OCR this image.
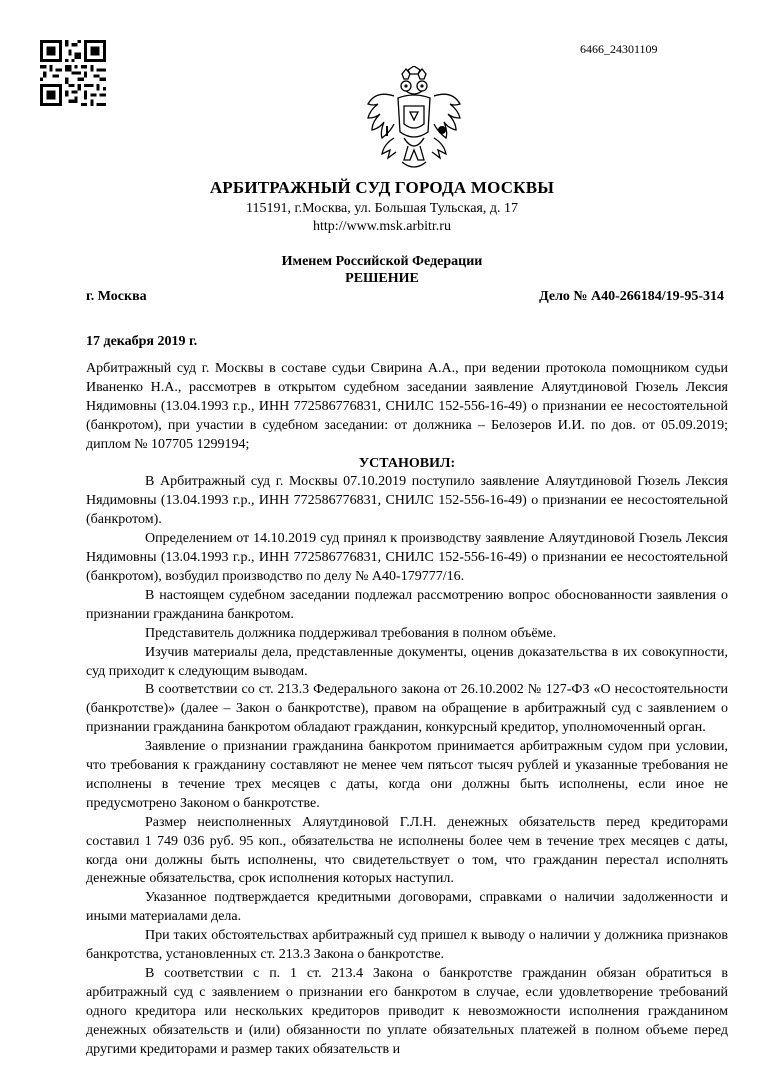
6466_24301109
АРБИТРАЖНЫЙ СУД ГОРОДА МОСКВЫ
115191, г.Москва, ул. Большая Тульская, д. 17
http://www.msk.arbitr.ru
Именем Российской Федерации
РЕШЕНИЕ
г. Москва	Дело № А40-266184/19-95-314
17 декабря 2019 г.

Арбитражный суд г. Москвы в составе судьи Свирина А.А., при ведении протокола помощником судьи Иваненко Н.А., рассмотрев в открытом судебном заседании заявление Аляутдиновой Гюзель Лексия Нядимовны (13.04.1993 г.р., ИНН 772586776831, СНИЛС 152-556-16-49) о признании ее несостоятельной (банкротом), при участии в судебном заседании: от должника – Белозеров И.И. по дов. от 05.09.2019; диплом № 107705 1299194;

УСТАНОВИЛ:

В Арбитражный суд г. Москвы 07.10.2019 поступило заявление Аляутдиновой Гюзель Лексия Нядимовны (13.04.1993 г.р., ИНН 772586776831, СНИЛС 152-556-16-49) о признании ее несостоятельной (банкротом).

Определением от 14.10.2019 суд принял к производству заявление Аляутдиновой Гюзель Лексия Нядимовны (13.04.1993 г.р., ИНН 772586776831, СНИЛС 152-556-16-49) о признании ее несостоятельной (банкротом), возбудил производство по делу № А40-179777/16.

В настоящем судебном заседании подлежал рассмотрению вопрос обоснованности заявления о признании гражданина банкротом.

Представитель должника поддерживал требования в полном объёме.

Изучив материалы дела, представленные документы, оценив доказательства в их совокупности, суд приходит к следующим выводам.

В соответствии со ст. 213.3 Федерального закона от 26.10.2002 № 127-ФЗ «О несостоятельности (банкротстве)» (далее – Закон о банкротстве), правом на обращение в арбитражный суд с заявлением о признании гражданина банкротом обладают гражданин, конкурсный кредитор, уполномоченный орган.

Заявление о признании гражданина банкротом принимается арбитражным судом при условии, что требования к гражданину составляют не менее чем пятьсот тысяч рублей и указанные требования не исполнены в течение трех месяцев с даты, когда они должны быть исполнены, если иное не предусмотрено Законом о банкротстве.

Размер неисполненных Аляутдиновой Г.Л.Н. денежных обязательств перед кредиторами составил 1 749 036 руб. 95 коп., обязательства не исполнены более чем в течение трех месяцев с даты, когда они должны быть исполнены, что свидетельствует о том, что гражданин перестал исполнять денежные обязательства, срок исполнения которых наступил.

Указанное подтверждается кредитными договорами, справками о наличии задолженности и иными материалами дела.

При таких обстоятельствах арбитражный суд пришел к выводу о наличии у должника признаков банкротства, установленных ст. 213.3 Закона о банкротстве.

В соответствии с п. 1 ст. 213.4 Закона о банкротстве гражданин обязан обратиться в арбитражный суд с заявлением о признании его банкротом в случае, если удовлетворение требований одного кредитора или нескольких кредиторов приводит к невозможности исполнения гражданином денежных обязательств и (или) обязанности по уплате обязательных платежей в полном объеме перед другими кредиторами и размер таких обязательств и
